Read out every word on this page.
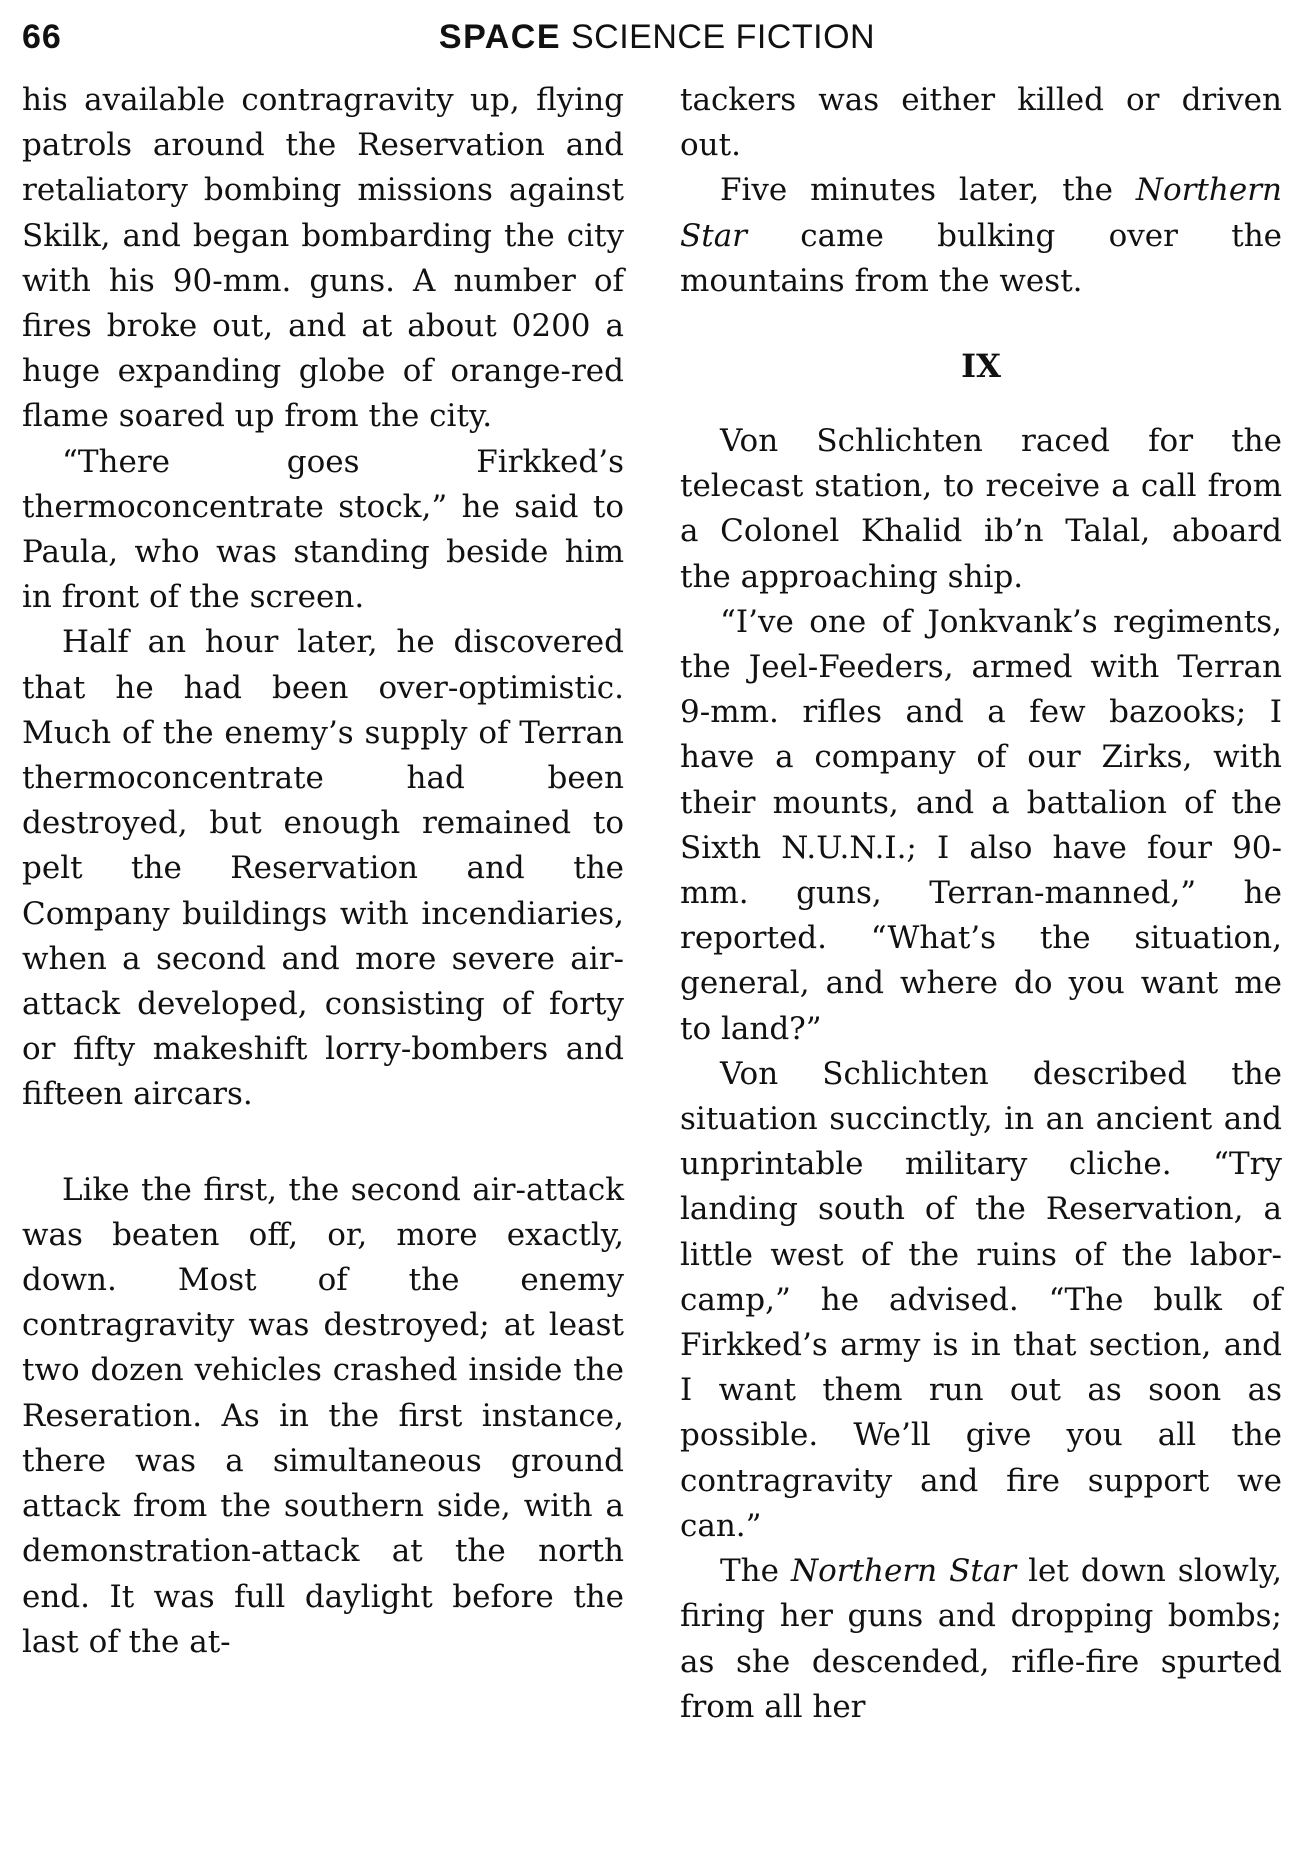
66	SPACE SCIENCE FICTION

his available contragravity up, flying patrols around the Reservation and retaliatory bombing missions against Skilk, and began bombarding the city with his 90-mm. guns. A number of fires broke out, and at about 0200 a huge expanding globe of orange-red flame soared up from the city.

“There goes Firkked’s thermoconcentrate stock,” he said to Paula, who was standing beside him in front of the screen.

Half an hour later, he discovered that he had been over-optimistic. Much of the enemy’s supply of Terran thermoconcentrate had been destroyed, but enough remained to pelt the Reservation and the Company buildings with incendiaries, when a second and more severe air-attack developed, consisting of forty or fifty makeshift lorry-bombers and fifteen aircars.

Like the first, the second air-attack was beaten off, or, more exactly, down. Most of the enemy contragravity was destroyed; at least two dozen vehicles crashed inside the Reseration. As in the first instance, there was a simultaneous ground attack from the southern side, with a demonstration-attack at the north end. It was full daylight before the last of the at-

tackers was either killed or driven out.

Five minutes later, the Northern Star came bulking over the mountains from the west.

IX

Von Schlichten raced for the telecast station, to receive a call from a Colonel Khalid ib’n Talal, aboard the approaching ship.

“I’ve one of Jonkvank’s regiments, the Jeel-Feeders, armed with Terran 9-mm. rifles and a few bazooks; I have a company of our Zirks, with their mounts, and a battalion of the Sixth N.U.N.I.; I also have four 90-mm. guns, Terran-manned,” he reported. “What’s the situation, general, and where do you want me to land?”

Von Schlichten described the situation succinctly, in an ancient and unprintable military cliche. “Try landing south of the Reservation, a little west of the ruins of the labor-camp,” he advised. “The bulk of Firkked’s army is in that section, and I want them run out as soon as possible. We’ll give you all the contragravity and fire support we can.”

The Northern Star let down slowly, firing her guns and dropping bombs; as she descended, rifle-fire spurted from all her
